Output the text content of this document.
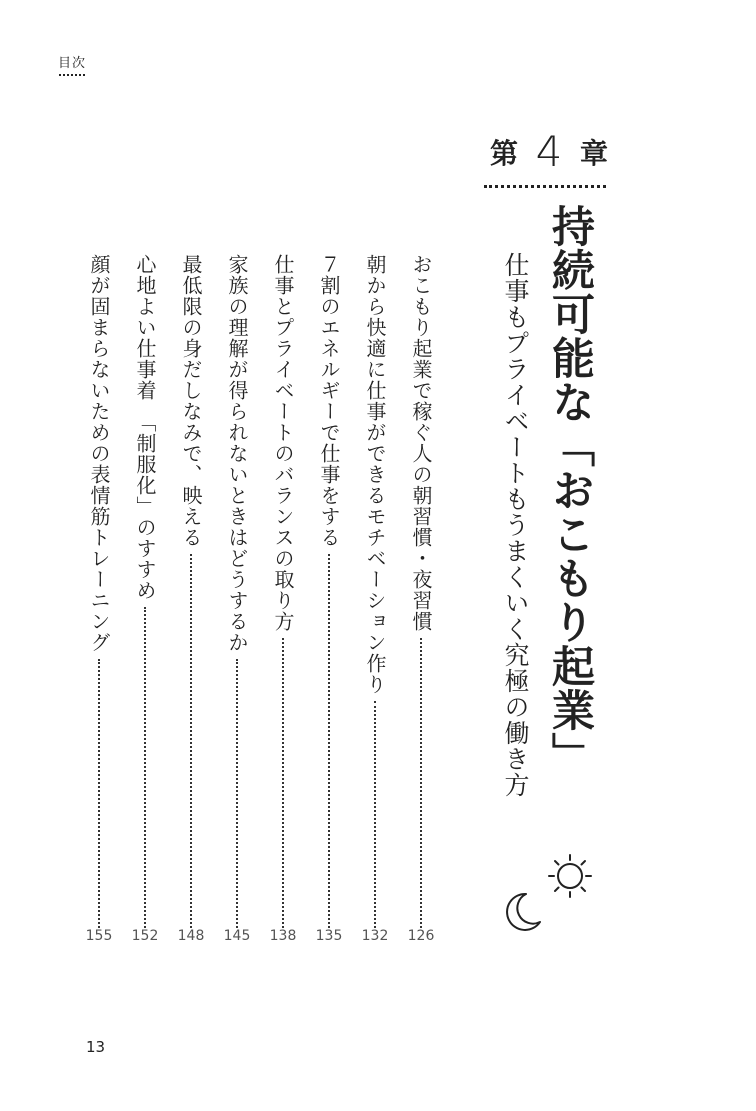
目次
第 4 章
持続可能な「おこもり起業」
仕事もプライベートもうまくいく究極の働き方
おこもり起業で稼ぐ人の朝習慣・夜習慣
126
朝から快適に仕事ができるモチベーション作り
132
７割のエネルギーで仕事をする
135
仕事とプライベートのバランスの取り方
138
家族の理解が得られないときはどうするか
145
最低限の身だしなみで、映える
148
心地よい仕事着　「制服化」のすすめ
152
顔が固まらないための表情筋トレーニング
155
13
